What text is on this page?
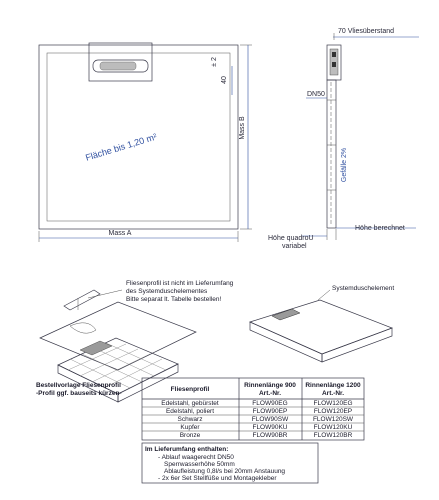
Fläche bis 1,20 m²
Mass A
Mass B
40
± 2
70 Vliesüberstand
DN50
Gefälle 2%
Höhe quadroU
variabel
Höhe berechnet
Fliesenprofil ist nicht im Lieferumfang
des Systemduschelementes
Bitte separat lt. Tabelle bestellen!
Systemduschelement
Bestellvorlage Fliesenprofil
-Profil ggf. bauseits kürzen-
Fliesenprofil
Rinnenlänge 900
Art.-Nr.
Rinnenlänge 1200
Art.-Nr.
Edelstahl, gebürstet	FLOW90EG	FLOW120EG
Edelstahl, poliert	FLOW90EP	FLOW120EP
Schwarz	FLOW90SW	FLOW120SW
Kupfer	FLOW90KU	FLOW120KU
Bronze	FLOW90BR	FLOW120BR
Im Lieferumfang enthalten:
- Ablauf waagerecht DN50
Sperrwasserhöhe 50mm
Ablaufleistung 0,8l/s bei 20mm Anstauung
- 2x 6er Set Stellfüße und Montagekleber
